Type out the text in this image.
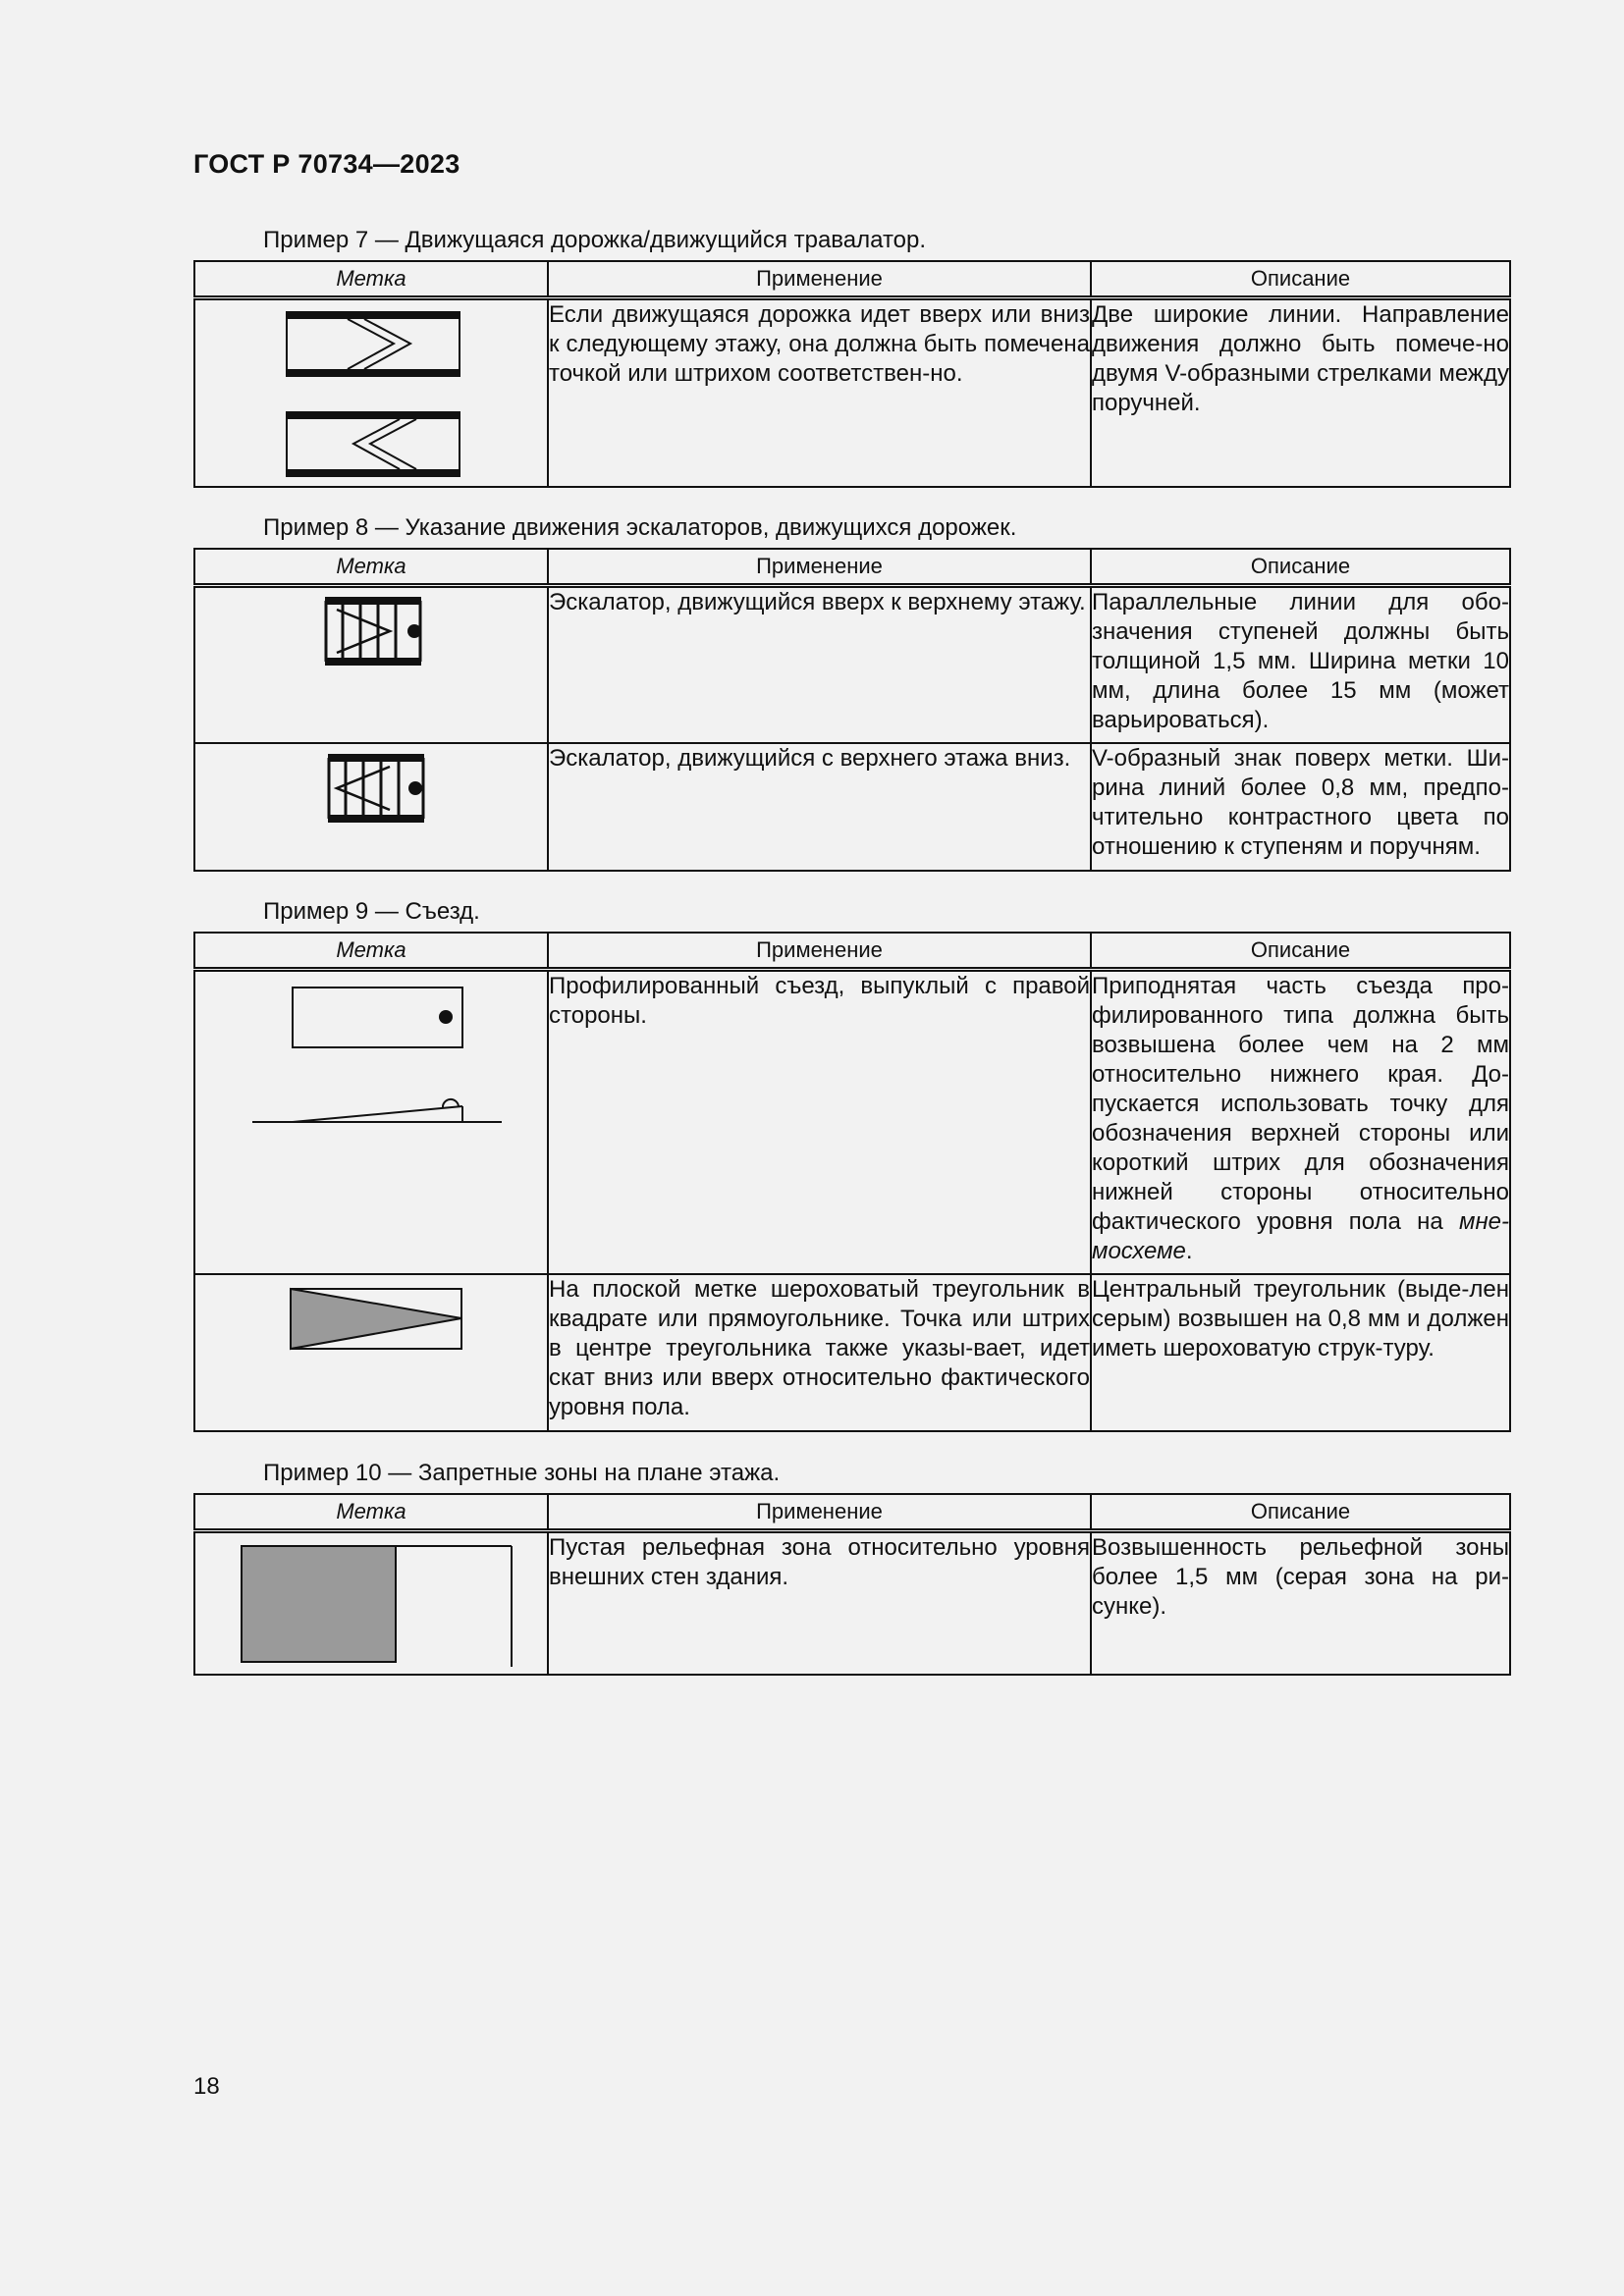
ГОСТ Р 70734—2023
Пример 7 — Движущаяся дорожка/движущийся травалатор.
Метка	Применение	Описание

	Если движущаяся дорожка идет вверх или вниз к следующему этажу, она должна быть помечена точкой или штрихом соответствен-но.	Две широкие линии. Направление движения должно быть помече-но двумя V-образными стрелками между поручней.
Пример 8 — Указание движения эскалаторов, движущихся дорожек.
Метка	Применение	Описание

	Эскалатор, движущийся вверх к верхнему этажу.	Параллельные линии для обо-значения ступеней должны быть толщиной 1,5 мм. Ширина метки 10 мм, длина более 15 мм (может варьироваться).

	Эскалатор, движущийся с верхнего этажа вниз.	V-образный знак поверх метки. Ши-рина линий более 0,8 мм, предпо-чтительно контрастного цвета по отношению к ступеням и поручням.
Пример 9 — Съезд.
Метка	Применение	Описание

	Профилированный съезд, выпуклый с правой стороны.	Приподнятая часть съезда про-филированного типа должна быть возвышена более чем на 2 мм относительно нижнего края. До-пускается использовать точку для обозначения верхней стороны или короткий штрих для обозначения нижней стороны относительно фактического уровня пола на мне-мосхеме.

	На плоской метке шероховатый треугольник в квадрате или прямоугольнике. Точка или штрих в центре треугольника также указы-вает, идет скат вниз или вверх относительно фактического уровня пола.	Центральный треугольник (выде-лен серым) возвышен на 0,8 мм и должен иметь шероховатую струк-туру.
Пример 10 — Запретные зоны на плане этажа.
Метка	Применение	Описание

	Пустая рельефная зона относительно уровня внешних стен здания.	Возвышенность рельефной зоны более 1,5 мм (серая зона на ри-сунке).
18
